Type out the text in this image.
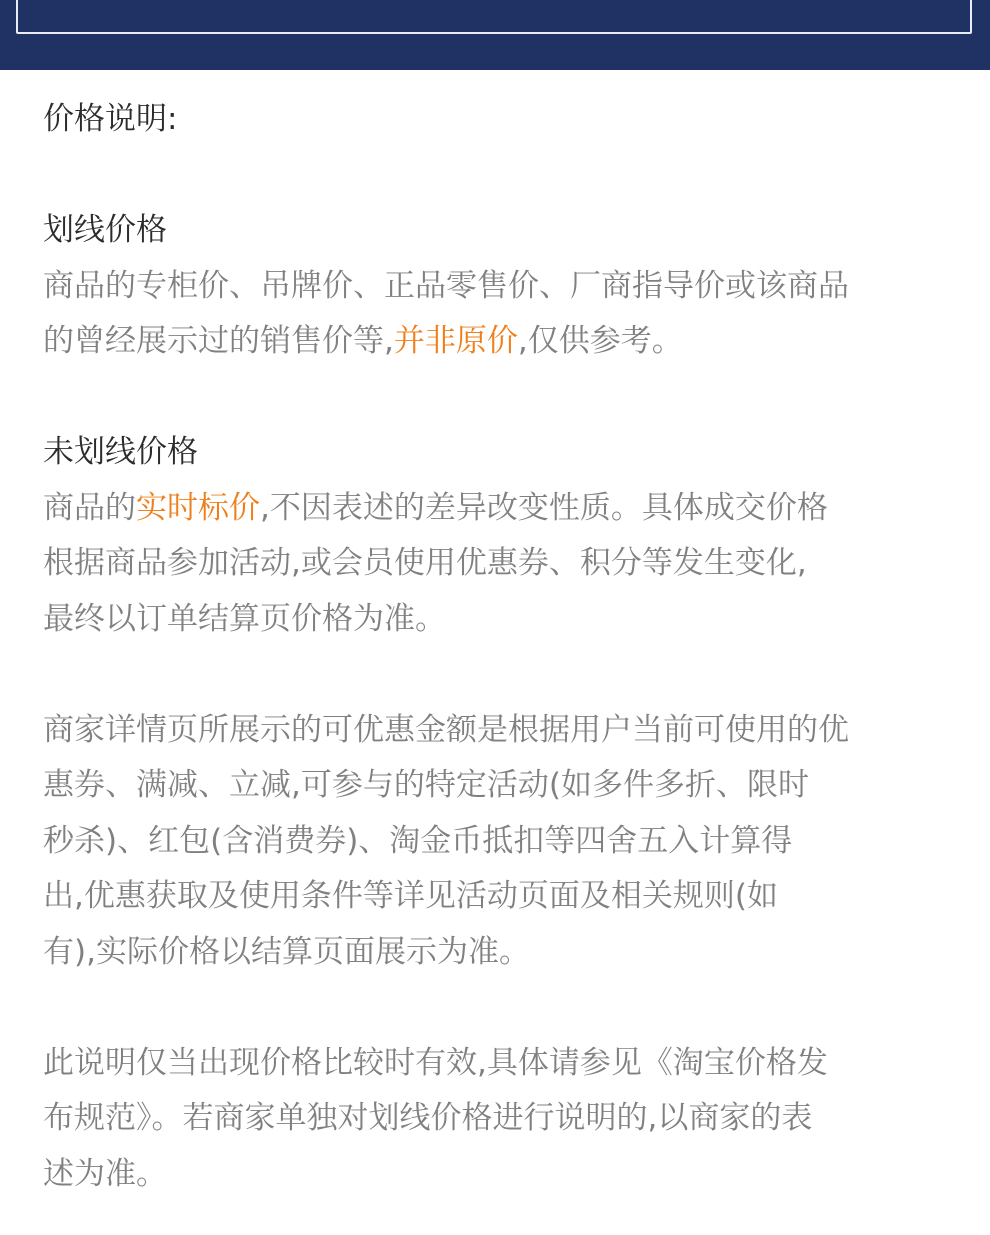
价格说明:
划线价格
商品的专柜价、吊牌价、正品零售价、厂商指导价或该商品
的曾经展示过的销售价等,并非原价,仅供参考。
未划线价格
商品的实时标价,不因表述的差异改变性质。具体成交价格
根据商品参加活动,或会员使用优惠券、积分等发生变化,
最终以订单结算页价格为准。
商家详情页所展示的可优惠金额是根据用户当前可使用的优
惠券、满减、立减,可参与的特定活动(如多件多折、限时
秒杀)、红包(含消费券)、淘金币抵扣等四舍五入计算得
出,优惠获取及使用条件等详见活动页面及相关规则(如
有),实际价格以结算页面展示为准。
此说明仅当出现价格比较时有效,具体请参见《淘宝价格发
布规范》。若商家单独对划线价格进行说明的,以商家的表
述为准。
